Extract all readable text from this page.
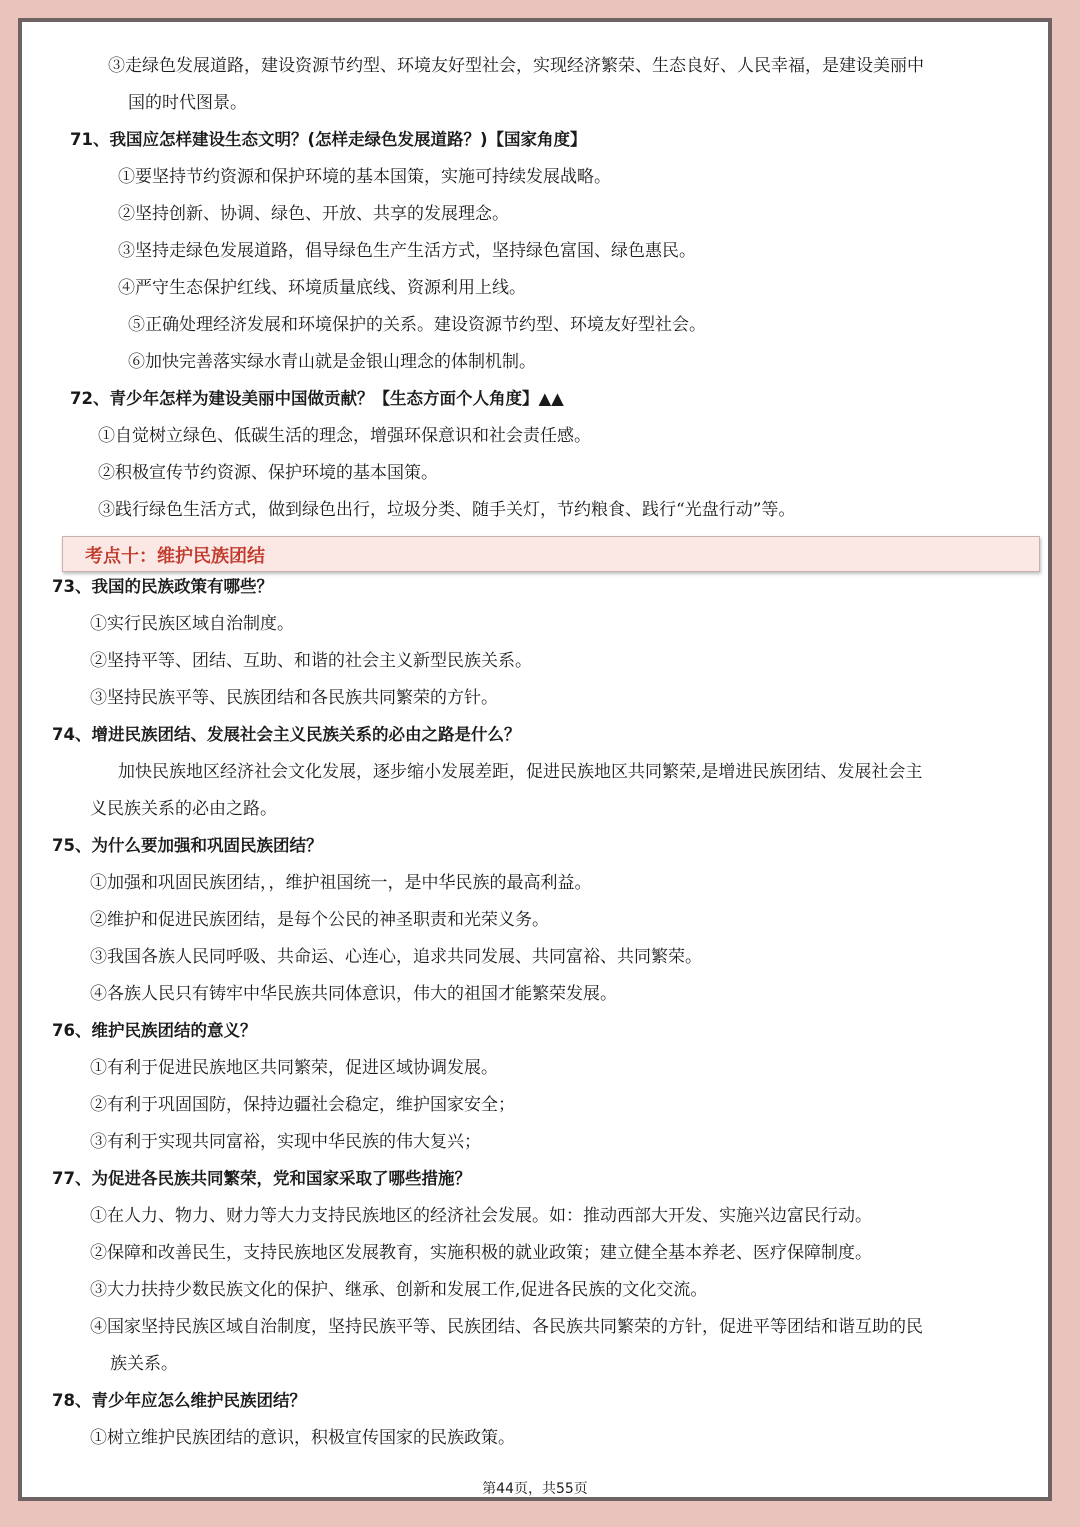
③走绿色发展道路，建设资源节约型、环境友好型社会，实现经济繁荣、生态良好、人民幸福，是建设美丽中
国的时代图景。
71、我国应怎样建设生态文明？(怎样走绿色发展道路？)【国家角度】
①要坚持节约资源和保护环境的基本国策，实施可持续发展战略。
②坚持创新、协调、绿色、开放、共享的发展理念。
③坚持走绿色发展道路，倡导绿色生产生活方式，坚持绿色富国、绿色惠民。
④严守生态保护红线、环境质量底线、资源利用上线。
⑤正确处理经济发展和环境保护的关系。建设资源节约型、环境友好型社会。
⑥加快完善落实绿水青山就是金银山理念的体制机制。
72、青少年怎样为建设美丽中国做贡献？【生态方面个人角度】▲▲
①自觉树立绿色、低碳生活的理念，增强环保意识和社会责任感。
②积极宣传节约资源、保护环境的基本国策。
③践行绿色生活方式，做到绿色出行，垃圾分类、随手关灯，节约粮食、践行“光盘行动”等。
考点十：维护民族团结
73、我国的民族政策有哪些？
①实行民族区域自治制度。
②坚持平等、团结、互助、和谐的社会主义新型民族关系。
③坚持民族平等、民族团结和各民族共同繁荣的方针。
74、增进民族团结、发展社会主义民族关系的必由之路是什么？
加快民族地区经济社会文化发展，逐步缩小发展差距，促进民族地区共同繁荣,是增进民族团结、发展社会主
义民族关系的必由之路。
75、为什么要加强和巩固民族团结？
①加强和巩固民族团结，，维护祖国统一，是中华民族的最高利益。
②维护和促进民族团结，是每个公民的神圣职责和光荣义务。
③我国各族人民同呼吸、共命运、心连心，追求共同发展、共同富裕、共同繁荣。
④各族人民只有铸牢中华民族共同体意识，伟大的祖国才能繁荣发展。
76、维护民族团结的意义？
①有利于促进民族地区共同繁荣，促进区域协调发展。
②有利于巩固国防，保持边疆社会稳定，维护国家安全；
③有利于实现共同富裕，实现中华民族的伟大复兴；
77、为促进各民族共同繁荣，党和国家采取了哪些措施？
①在人力、物力、财力等大力支持民族地区的经济社会发展。如：推动西部大开发、实施兴边富民行动。
②保障和改善民生，支持民族地区发展教育，实施积极的就业政策；建立健全基本养老、医疗保障制度。
③大力扶持少数民族文化的保护、继承、创新和发展工作,促进各民族的文化交流。
④国家坚持民族区域自治制度，坚持民族平等、民族团结、各民族共同繁荣的方针，促进平等团结和谐互助的民
族关系。
78、青少年应怎么维护民族团结？
①树立维护民族团结的意识，积极宣传国家的民族政策。
第44页，共55页
